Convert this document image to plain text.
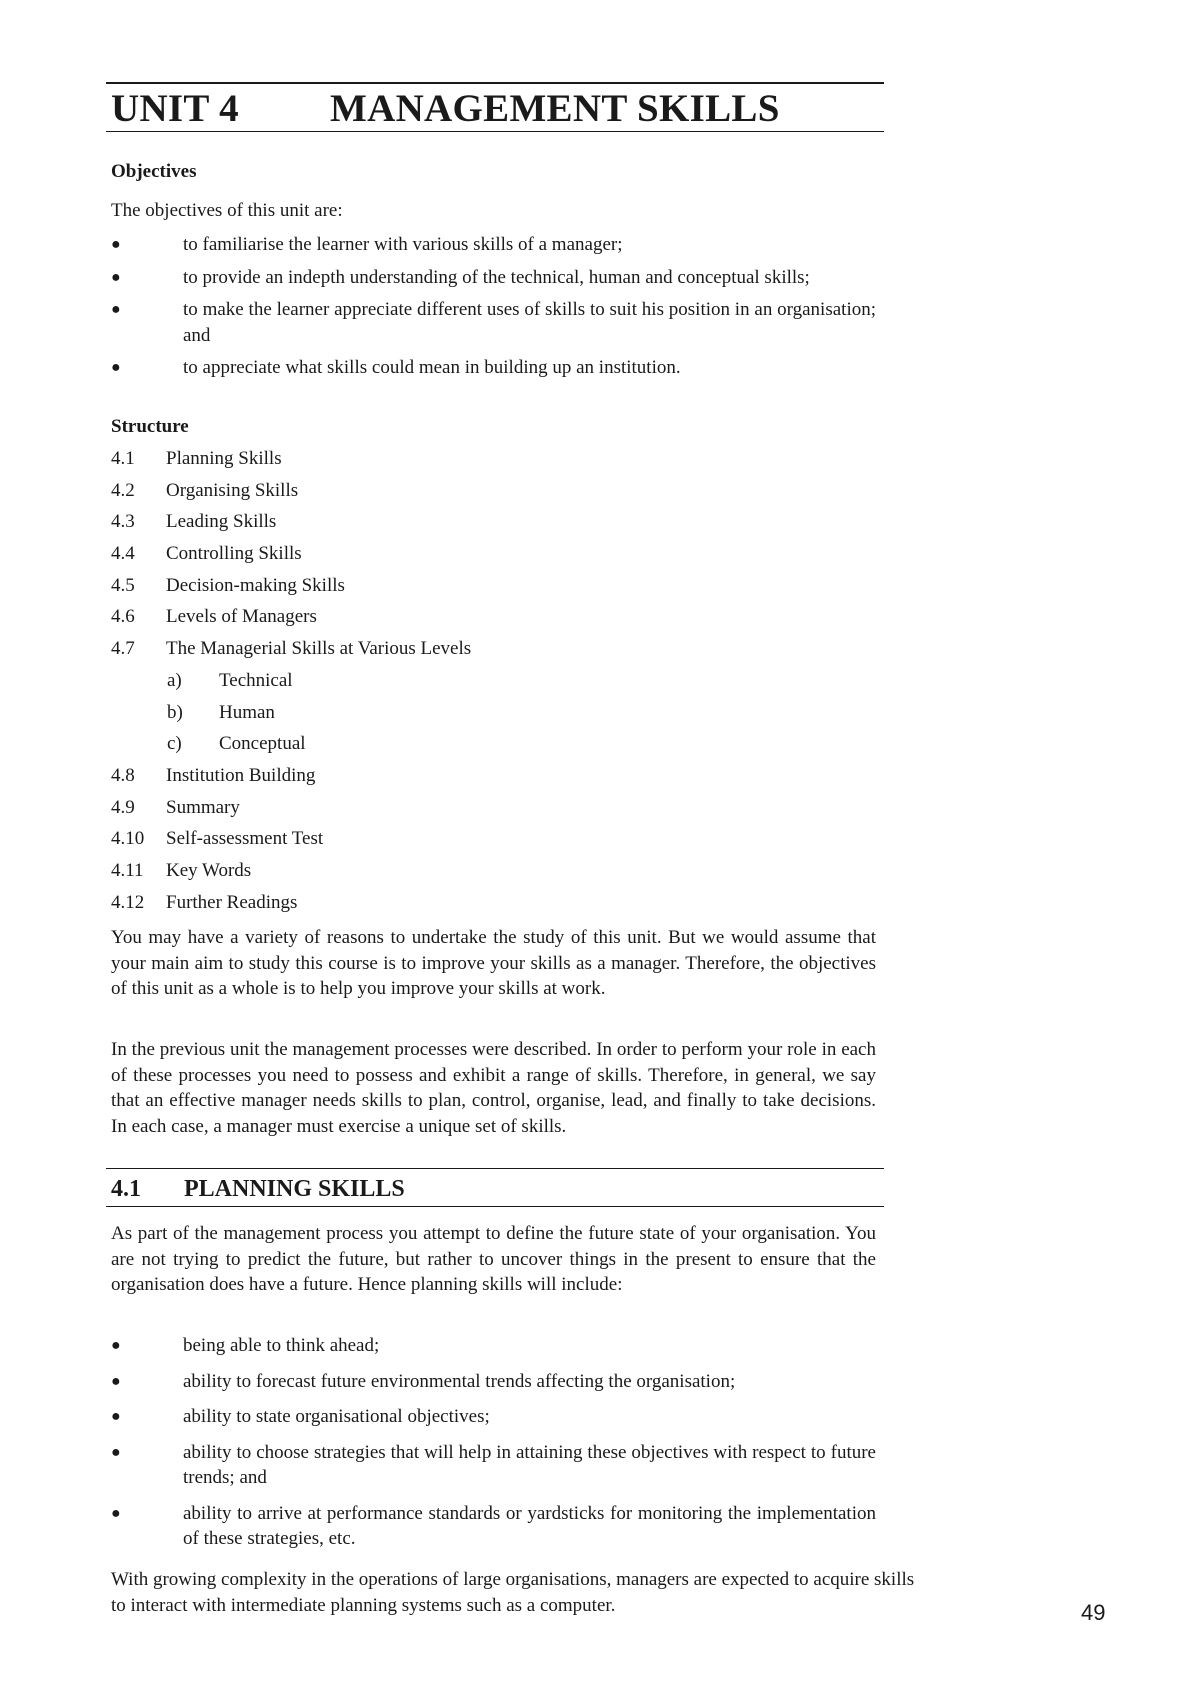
UNIT 4 MANAGEMENT SKILLS

Objectives

The objectives of this unit are:

●	to familiarise the learner with various skills of a manager;
●	to provide an indepth understanding of the technical, human and conceptual skills;
●	to make the learner appreciate different uses of skills to suit his position in an organisation; and
●	to appreciate what skills could mean in building up an institution.

Structure

4.1 Planning Skills
4.2 Organising Skills
4.3 Leading Skills
4.4 Controlling Skills
4.5 Decision-making Skills
4.6 Levels of Managers
4.7 The Managerial Skills at Various Levels
a) Technical
b) Human
c) Conceptual
4.8 Institution Building
4.9 Summary
4.10 Self-assessment Test
4.11 Key Words
4.12 Further Readings

You may have a variety of reasons to undertake the study of this unit. But we would assume that your main aim to study this course is to improve your skills as a manager. Therefore, the objectives of this unit as a whole is to help you improve your skills at work.

In the previous unit the management processes were described. In order to perform your role in each of these processes you need to possess and exhibit a range of skills. Therefore, in general, we say that an effective manager needs skills to plan, control, organise, lead, and finally to take decisions. In each case, a manager must exercise a unique set of skills.

4.1 PLANNING SKILLS

As part of the management process you attempt to define the future state of your organisation. You are not trying to predict the future, but rather to uncover things in the present to ensure that the organisation does have a future. Hence planning skills will include:

●	being able to think ahead;
●	ability to forecast future environmental trends affecting the organisation;
●	ability to state organisational objectives;
●	ability to choose strategies that will help in attaining these objectives with respect to future trends; and
●	ability to arrive at performance standards or yardsticks for monitoring the implementation of these strategies, etc.

With growing complexity in the operations of large organisations, managers are expected to acquire skills to interact with intermediate planning systems such as a computer.	49
